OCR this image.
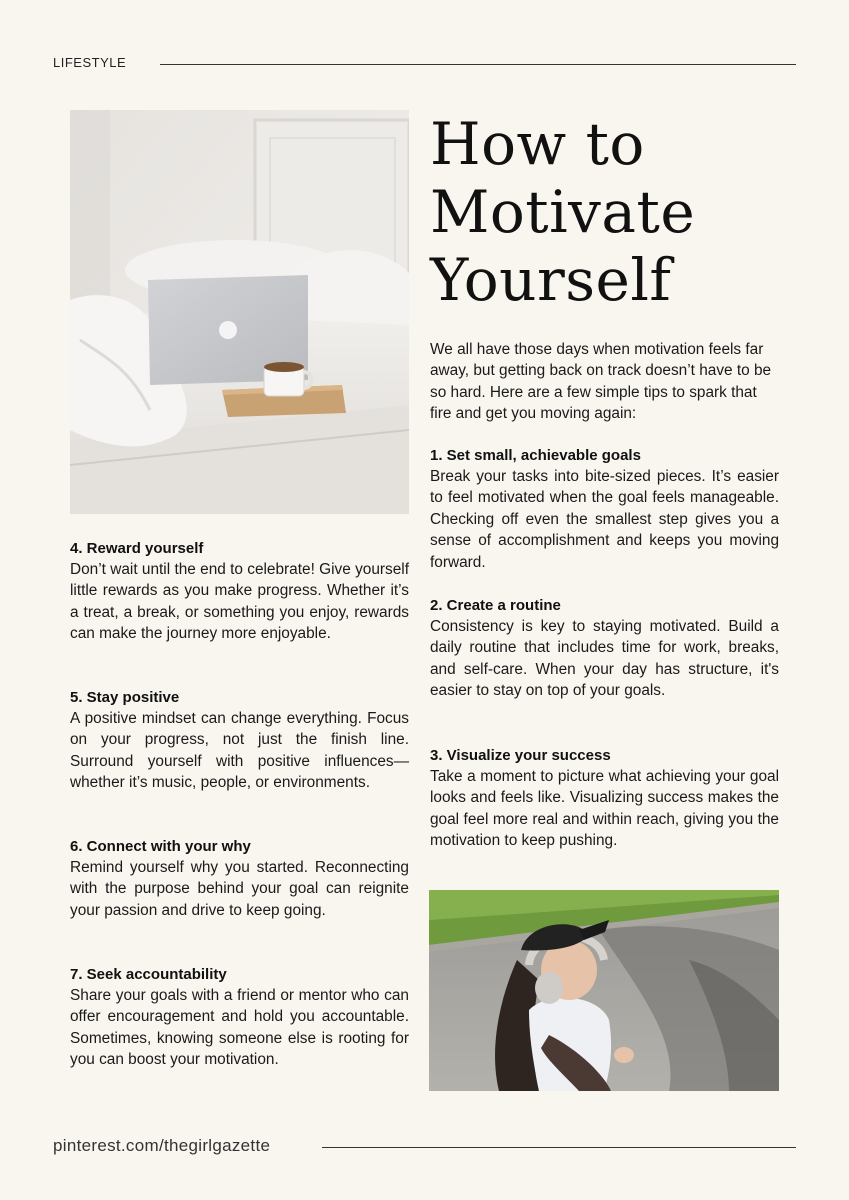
LIFESTYLE
How to
Motivate
Yourself
We all have those days when motivation feels far away, but getting back on track doesn’t have to be so hard. Here are a few simple tips to spark that fire and get you moving again:
1. Set small, achievable goals

Break your tasks into bite-sized pieces. It’s easier to feel motivated when the goal feels manageable. Checking off even the smallest step gives you a sense of accomplishment and keeps you moving forward.

2. Create a routine

Consistency is key to staying motivated. Build a daily routine that includes time for work, breaks, and self-care. When your day has structure, it's easier to stay on top of your goals.

3. Visualize your success

Take a moment to picture what achieving your goal looks and feels like. Visualizing success makes the goal feel more real and within reach, giving you the motivation to keep pushing.

4. Reward yourself

Don’t wait until the end to celebrate! Give yourself little rewards as you make progress. Whether it’s a treat, a break, or something you enjoy, rewards can make the journey more enjoyable.

5. Stay positive

A positive mindset can change everything. Focus on your progress, not just the finish line. Surround yourself with positive influences—whether it’s music, people, or environments.

6. Connect with your why

Remind yourself why you started. Reconnecting with the purpose behind your goal can reignite your passion and drive to keep going.

7. Seek accountability

Share your goals with a friend or mentor who can offer encouragement and hold you accountable. Sometimes, knowing someone else is rooting for you can boost your motivation.

pinterest.com/thegirlgazette
